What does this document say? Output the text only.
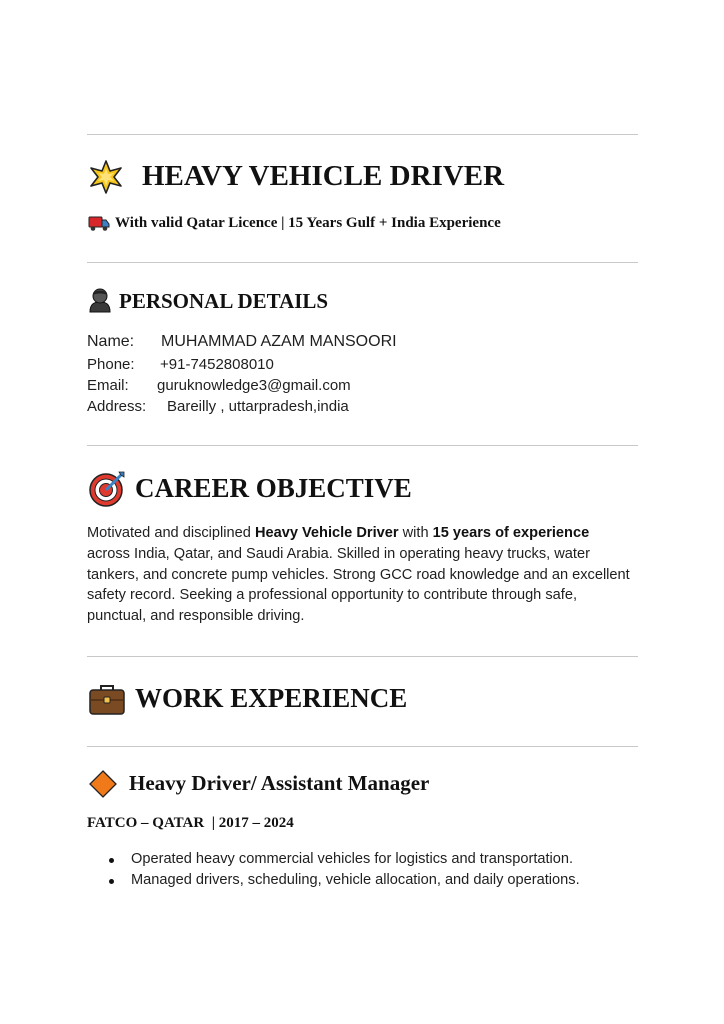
HEAVY VEHICLE DRIVER
With valid Qatar Licence | 15 Years Gulf + India Experience
PERSONAL DETAILS
Name: MUHAMMAD AZAM MANSOORI
Phone: +91-7452808010
Email: guruknowledge3@gmail.com
Address: Bareilly , uttarpradesh,india
CAREER OBJECTIVE
Motivated and disciplined Heavy Vehicle Driver with 15 years of experience across India, Qatar, and Saudi Arabia. Skilled in operating heavy trucks, water tankers, and concrete pump vehicles. Strong GCC road knowledge and an excellent safety record. Seeking a professional opportunity to contribute through safe, punctual, and responsible driving.
WORK EXPERIENCE
Heavy Driver/ Assistant Manager
FATCO – QATAR  | 2017 – 2024
Operated heavy commercial vehicles for logistics and transportation.
Managed drivers, scheduling, vehicle allocation, and daily operations.
